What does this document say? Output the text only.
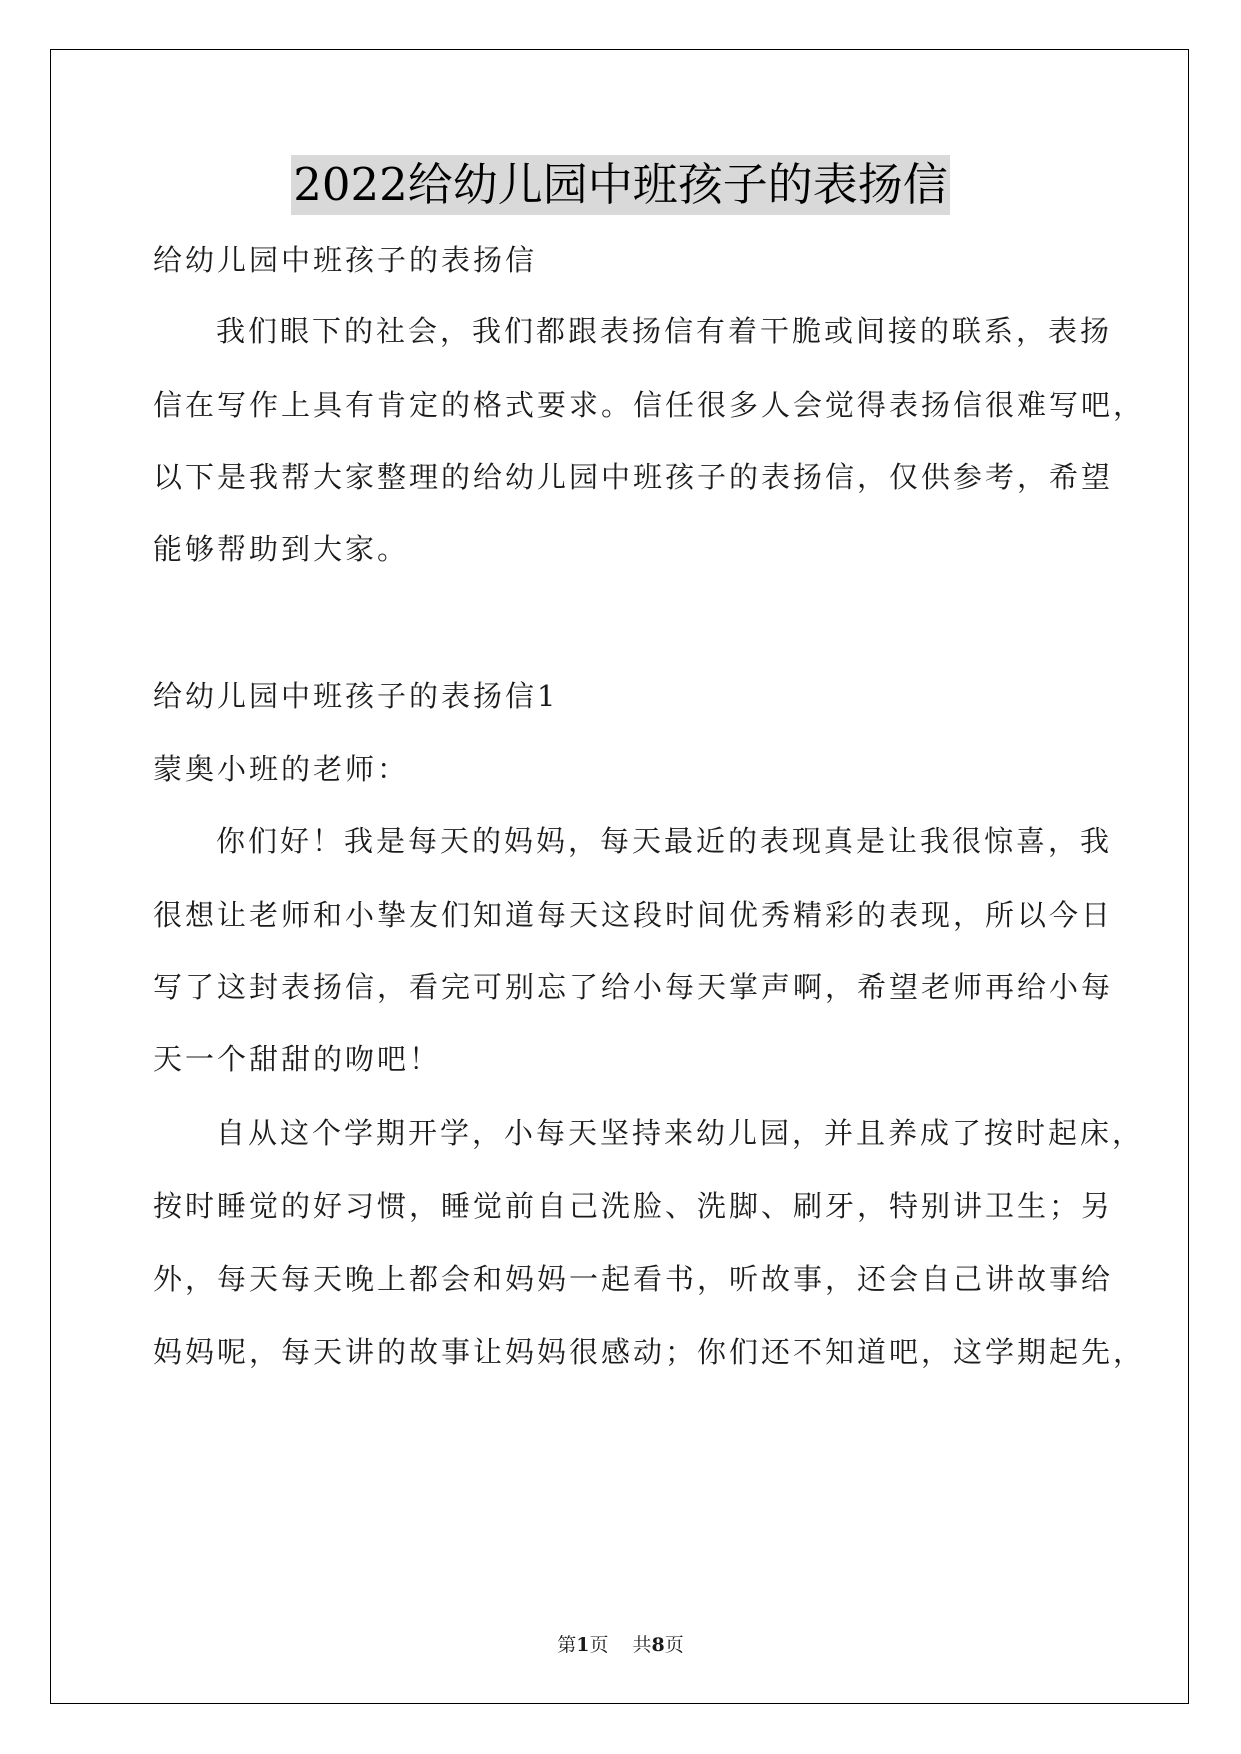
2022给幼儿园中班孩子的表扬信
给幼儿园中班孩子的表扬信
我们眼下的社会，我们都跟表扬信有着干脆或间接的联系，表扬
信在写作上具有肯定的格式要求。信任很多人会觉得表扬信很难写吧，
以下是我帮大家整理的给幼儿园中班孩子的表扬信，仅供参考，希望
能够帮助到大家。
给幼儿园中班孩子的表扬信1
蒙奥小班的老师：
你们好！我是每天的妈妈，每天最近的表现真是让我很惊喜，我
很想让老师和小挚友们知道每天这段时间优秀精彩的表现，所以今日
写了这封表扬信，看完可别忘了给小每天掌声啊，希望老师再给小每
天一个甜甜的吻吧！
自从这个学期开学，小每天坚持来幼儿园，并且养成了按时起床，
按时睡觉的好习惯，睡觉前自己洗脸、洗脚、刷牙，特别讲卫生；另
外，每天每天晚上都会和妈妈一起看书，听故事，还会自己讲故事给
妈妈呢，每天讲的故事让妈妈很感动；你们还不知道吧，这学期起先，
第1页 共8页
